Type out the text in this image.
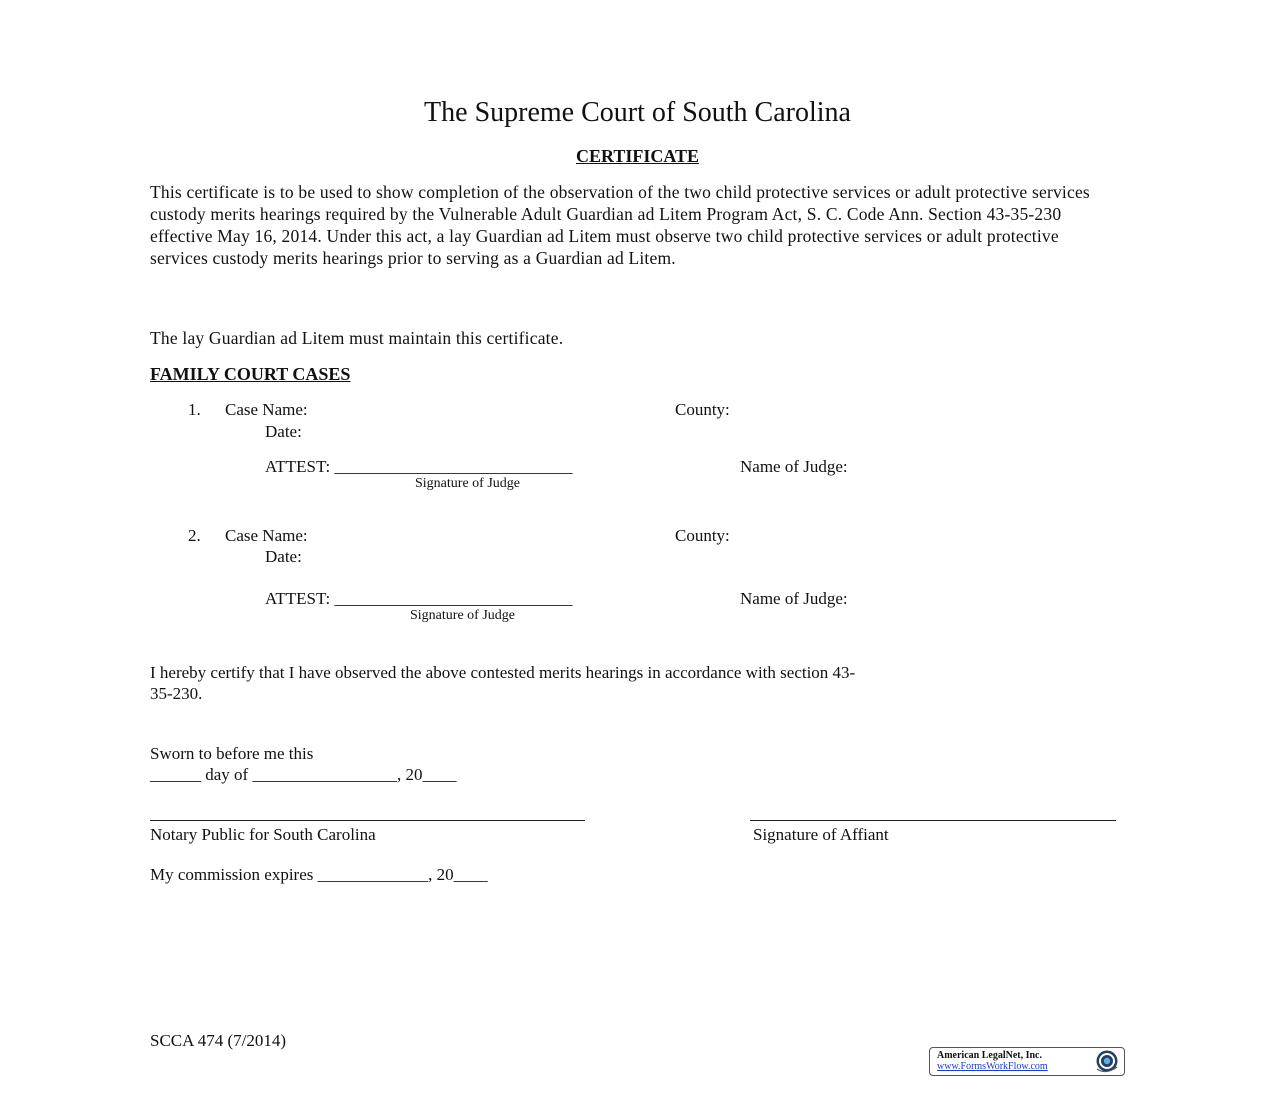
The Supreme Court of South Carolina
CERTIFICATE
This certificate is to be used to show completion of the observation of the two child protective services or adult protective services custody merits hearings required by the Vulnerable Adult Guardian ad Litem Program Act, S. C. Code Ann. Section 43-35-230 effective May 16, 2014. Under this act, a lay Guardian ad Litem must observe two child protective services or adult protective services custody merits hearings prior to serving as a Guardian ad Litem.
The lay Guardian ad Litem must maintain this certificate.
FAMILY COURT CASES
1. Case Name:	County:
Date:
ATTEST: ____________________________	Name of Judge:
Signature of Judge
2. Case Name:	County:
Date:
ATTEST: ____________________________	Name of Judge:
Signature of Judge
I hereby certify that I have observed the above contested merits hearings in accordance with section 43-
35-230.
Sworn to before me this
______ day of _________________, 20____
Notary Public for South Carolina	Signature of Affiant
My commission expires _____________, 20____
SCCA 474 (7/2014)
American LegalNet, Inc.
www.FormsWorkFlow.com
